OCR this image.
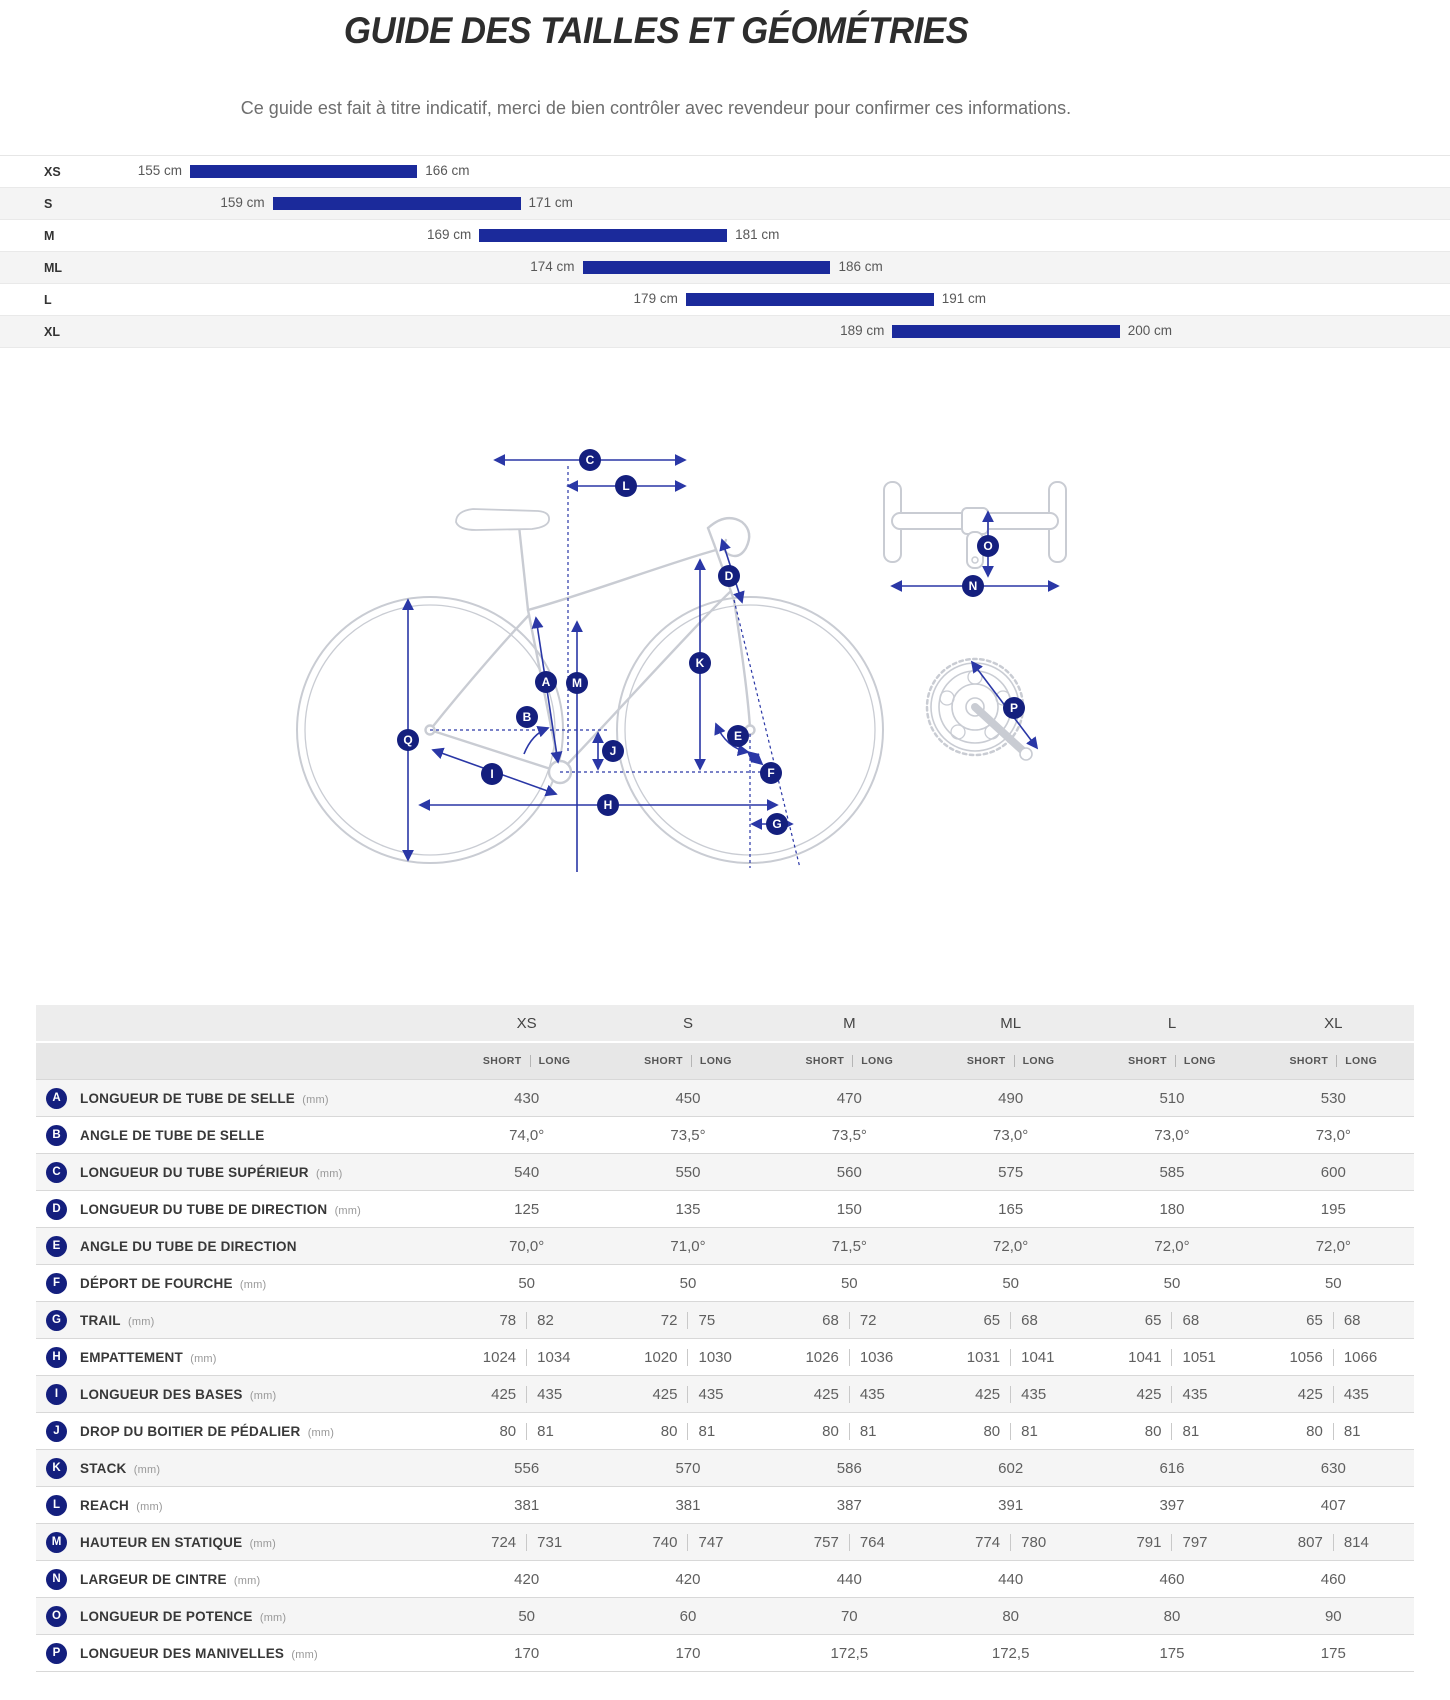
GUIDE DES TAILLES ET GÉOMÉTRIES
Ce guide est fait à titre indicatif, merci de bien contrôler avec revendeur pour confirmer ces informations.
XS	155 cm	166 cm
S	159 cm	171 cm
M	169 cm	181 cm
ML	174 cm	186 cm
L	179 cm	191 cm
XL	189 cm	200 cm
C
L
D
A
B
M
K
Q
J
I
E
F
H
G
O
N
P
XS	S	M	ML	L	XL
SHORT LONG	SHORT LONG	SHORT LONG	SHORT LONG	SHORT LONG	SHORT LONG
A	LONGUEUR DE TUBE DE SELLE (mm)	430	450	470	490	510	530
B	ANGLE DE TUBE DE SELLE	74,0°	73,5°	73,5°	73,0°	73,0°	73,0°
C	LONGUEUR DU TUBE SUPÉRIEUR (mm)	540	550	560	575	585	600
D	LONGUEUR DU TUBE DE DIRECTION (mm)	125	135	150	165	180	195
E	ANGLE DU TUBE DE DIRECTION	70,0°	71,0°	71,5°	72,0°	72,0°	72,0°
F	DÉPORT DE FOURCHE (mm)	50	50	50	50	50	50
G	TRAIL (mm)	78 82	72 75	68 72	65 68	65 68	65 68
H	EMPATTEMENT (mm)	1024 1034	1020 1030	1026 1036	1031 1041	1041 1051	1056 1066
I	LONGUEUR DES BASES (mm)	425 435	425 435	425 435	425 435	425 435	425 435
J	DROP DU BOITIER DE PÉDALIER (mm)	80 81	80 81	80 81	80 81	80 81	80 81
K	STACK (mm)	556	570	586	602	616	630
L	REACH (mm)	381	381	387	391	397	407
M	HAUTEUR EN STATIQUE (mm)	724 731	740 747	757 764	774 780	791 797	807 814
N	LARGEUR DE CINTRE (mm)	420	420	440	440	460	460
O	LONGUEUR DE POTENCE (mm)	50	60	70	80	80	90
P	LONGUEUR DES MANIVELLES (mm)	170	170	172,5	172,5	175	175
